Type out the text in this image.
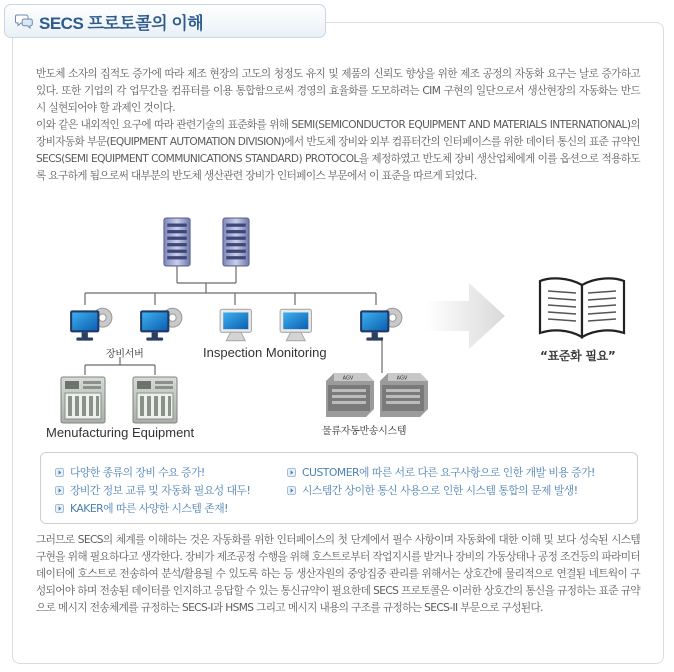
SECS 프로토콜의 이해

반도체 소자의 집적도 증가에 따라 제조 현장의 고도의 청정도 유지 및 제품의 신뢰도 향상을 위한 제조 공정의 자동화 요구는 날로 증가하고 있다. 또한 기업의 각 업무간을 컴퓨터를 이용 통합함으로써 경영의 효율화를 도모하려는 CIM 구현의 일단으로서 생산현장의 자동화는 반드시 실현되어야 할 과제인 것이다.

이와 같은 내외적인 요구에 따라 관련기술의 표준화를 위해 SEMI(SEMICONDUCTOR EQUIPMENT AND MATERIALS INTERNATIONAL)의 장비자동화 부문(EQUIPMENT AUTOMATION DIVISION)에서 반도체 장비와 외부 컴퓨터간의 인터페이스를 위한 데이터 통신의 표준 규약인 SECS(SEMI EQUIPMENT COMMUNICATIONS STANDARD) PROTOCOL을 제정하였고 반도체 장비 생산업체에게 이를 옵션으로 적용하도록 요구하게 됨으로써 대부분의 반도체 생산관련 장비가 인터페이스 부문에서 이 표준을 따르게 되었다.

장비서버	Inspection Monitoring
Menufacturing Equipment
AGV	AGV
물류자동반송시스템
“표준화 필요”
다양한 종류의 장비 수요 증가!
장비간 정보 교류 및 자동화 필요성 대두!
KAKER에 따른 사양한 시스템 존재!
CUSTOMER에 따른 서로 다른 요구사항으로 인한 개발 비용 증가!
시스템간 상이한 통신 사용으로 인한 시스템 통합의 문제 발생!

그러므로 SECS의 체계를 이해하는 것은 자동화를 위한 인터페이스의 첫 단계에서 필수 사항이며 자동화에 대한 이해 및 보다 성숙된 시스템 구현을 위해 필요하다고 생각한다. 장비가 제조공정 수행을 위해 호스트로부터 작업지시를 받거나 장비의 가동상태나 공정 조건등의 파라미터 데이터에 호스트로 전송하여 분석/활용될 수 있도록 하는 등 생산자원의 중앙집중 관리를 위해서는 상호간에 물리적으로 연결된 네트웍이 구성되어야 하며 전송된 데이터를 인지하고 응답할 수 있는 통신규약이 필요한데 SECS 프로토콜은 이러한 상호간의 통신을 규정하는 표준 규약으로 메시지 전송체계를 규정하는 SECS-I과 HSMS 그리고 메시지 내용의 구조를 규정하는 SECS-II 부문으로 구성된다.
